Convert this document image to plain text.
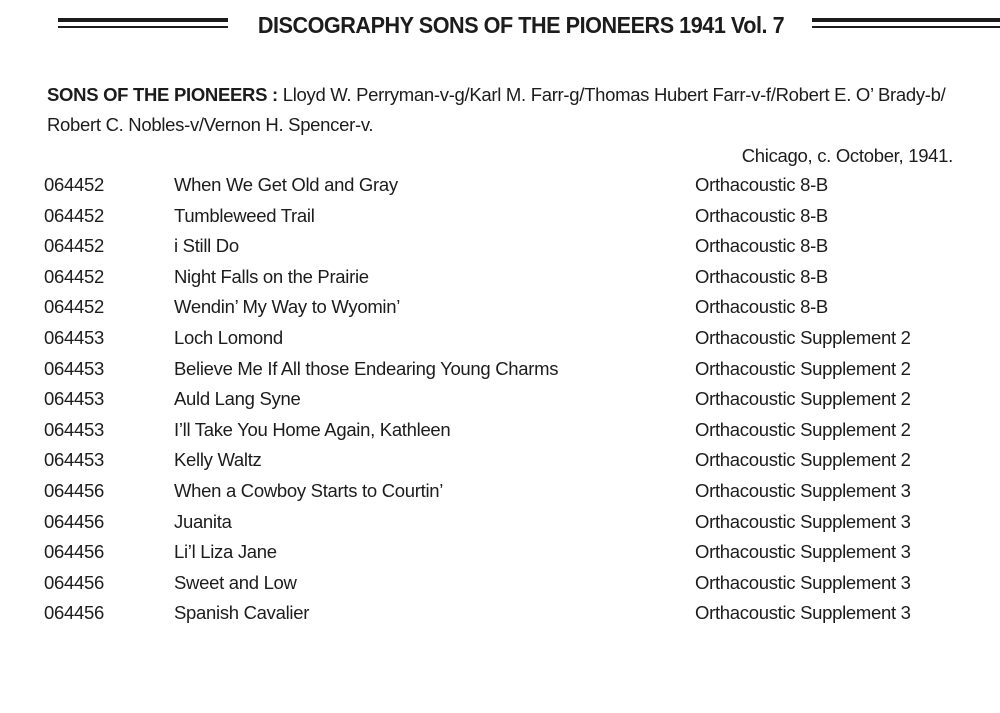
DISCOGRAPHY SONS OF THE PIONEERS 1941 Vol. 7
SONS OF THE PIONEERS : Lloyd W. Perryman-v-g/Karl M. Farr-g/Thomas Hubert Farr-v-f/Robert E. O’ Brady-b/
Robert C. Nobles-v/Vernon H. Spencer-v.
Chicago, c. October, 1941.
064452	When We Get Old and Gray	Orthacoustic 8-B
064452	Tumbleweed Trail	Orthacoustic 8-B
064452	i Still Do	Orthacoustic 8-B
064452	Night Falls on the Prairie	Orthacoustic 8-B
064452	Wendin’ My Way to Wyomin’	Orthacoustic 8-B
064453	Loch Lomond	Orthacoustic Supplement 2
064453	Believe Me If All those Endearing Young Charms	Orthacoustic Supplement 2
064453	Auld Lang Syne	Orthacoustic Supplement 2
064453	I’ll Take You Home Again, Kathleen	Orthacoustic Supplement 2
064453	Kelly Waltz	Orthacoustic Supplement 2
064456	When a Cowboy Starts to Courtin’	Orthacoustic Supplement 3
064456	Juanita	Orthacoustic Supplement 3
064456	Li’l Liza Jane	Orthacoustic Supplement 3
064456	Sweet and Low	Orthacoustic Supplement 3
064456	Spanish Cavalier	Orthacoustic Supplement 3
